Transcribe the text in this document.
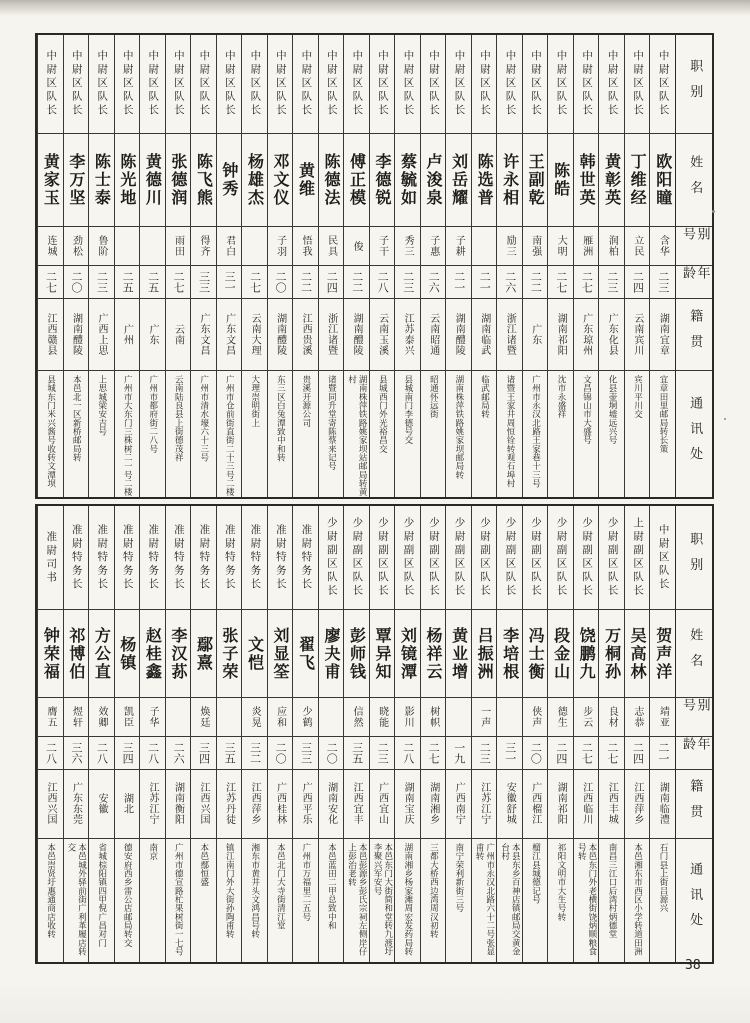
职别
姓名
别号
年龄
籍贯
通讯处
中尉区队长
欧阳瞳
含华
二三
湖南宜章
宜章田里邮局转长策
中尉区队长
丁维经
立民
二四
云南宾川
宾川平川交
中尉区队长
黄彰英
润柏
二三
广东化县
化县壶垌墟远兴号
中尉区队长
韩世英
雁洲
二七
广东琼州
文昌锦山市大盛号
中尉区队长
陈皓
大明
二七
湖南祁阳
沈市永盛祥
中尉区队长
王副乾
南强
二二
广东
广州市永汉北路王家巷十三号
中尉区队长
许永相
励三
二六
浙江诸暨
诸暨王家井周恒铨转观石埠村
中尉区队长
陈选普
二一
湖南临武
临武邮局转
中尉区队长
刘岳耀
子耕
二一
湖南醴陵
湖南株萍铁路姚家坝邮局转
中尉区队长
卢浚泉
子惠
二六
云南昭通
昭通怀远街
中尉区队长
蔡毓如
秀三
二三
江苏泰兴
县城南门李德号交
中尉区队长
李德锐
子干
二八
云南玉溪
县城西门外光裕昌交
中尉区队长
傅正模
俊
二二
湖南醴陵
湖南株萍铁路姚家坝站邮局转黄村
中尉区队长
陈德法
民具
二四
浙江诸暨
诸暨同升堂寄陈蔡来记号
中尉区队长
黄维
悟我
二二
江西贵溪
贵溪开源公司
中尉区队长
邓文仪
子羽
二〇
湖南醴陵
东三区白兔潭致中和转
中尉区队长
杨雄杰
二七
云南大理
大理崇明街上
中尉区队长
钟秀
君白
三一
广东文昌
广州市仓前街直街二十三号二楼
中尉区队长
陈飞熊
得齐
三三
广东文昌
广州市清水壕六十三号
中尉区队长
张德润
雨田
二七
云南
云南陆良县上街德茂祥
中尉区队长
黄德川
二五
广东
广州市都府街二八号
中尉区队长
陈光地
二五
广州
广州市大东门三株树二一号二楼
中尉区队长
陈士泰
鲁阶
二三
广西上思
上思城梁安吉号
中尉区队长
李万坚
劲松
二〇
湖南醴陵
本邑北一区新桥邮局转
中尉区队长
黄家玉
连城
二七
江西赣县
县城东门米兴酱号收转文潭坝
职别
姓名
别号
年龄
籍贯
通讯处
中尉区队长
贺声洋
靖亚
二一
湖南临澧
石门县上街吕源兴
上尉副区队长
吴高林
志恭
二四
江西萍乡
本邑湘东市西区小学转道田洲
少尉副区队长
万桐孙
良材
二七
江西丰城
南昌三江口后湾村炳德堂
少尉副区队长
饶鹏九
步云
二七
江西临川
本邑东门外老横街饶炳顺粮食号转
少尉副区队长
段金山
德生
二四
湖南祁阳
祁阳文明市大生号转
少尉副区队长
冯士衡
侠声
二〇
广西榴江
榴江县城德记号
少尉副区队长
李培根
三一
安徽舒城
本县东乡百神店镇邮局交黄金台村
少尉副区队长
吕振洲
一声
二三
江苏江宁
广州市永汉北路六十二号张显甫转
少尉副区队长
黄业增
一九
广西南宁
南宁荣利新街三号
少尉副区队长
杨祥云
树帜
二七
湖南湘乡
三都大桥西边湾周汉初转
少尉副区队长
刘镜潭
影川
二八
湖南宝庆
湖南湘乡杨家滩周宏发药局转
少尉副区队长
覃异知
晓能
二三
广西宜山
本邑东门大街简和堂转九渡圩李聚兴军安号
少尉副区队长
彭师钱
信然
三五
江西宜丰
本邑彭源乡彭氏宗祠左侧岸仔上彭治老转
少尉副区队长
廖夬甫
二〇
湖南安化
本邑蓝田二甲总致中和
准尉特务长
翟飞
少鹤
三三
广西平乐
广州市万福里二五号
准尉特务长
刘显筌
应和
二〇
广西桂林
本邑北门大寺街清江堂
准尉特务长
文恺
炎晃
三二
江西萍乡
湘东市黄井头文鸿昌号转
准尉特务长
张子荣
三五
江苏丹徒
镇江南门外大街孙陶甫转
准尉特务长
鄢熹
焕廷
三四
江西兴国
本邑鄢恒盛
准尉特务长
李汉荪
二六
湖南衡阳
广州市德宣路杧果树街一七号
准尉特务长
赵桂鑫
子华
二八
江苏江宁
南京
准尉特务长
杨镇
凯臣
三四
湖北
德安府西乡雷公店邮局转交
准尉特务长
方公直
效卿
二八
安徽
省城棕阳镇四甲倪广昌对门
准尉特务长
祁博伯
煜轩
三六
广东东莞
本邑城外驿前街广利革履店转交
准尉司书
钟荣福
膺五
二八
江西兴国
本邑崇贤圩惠通商店收转
38
